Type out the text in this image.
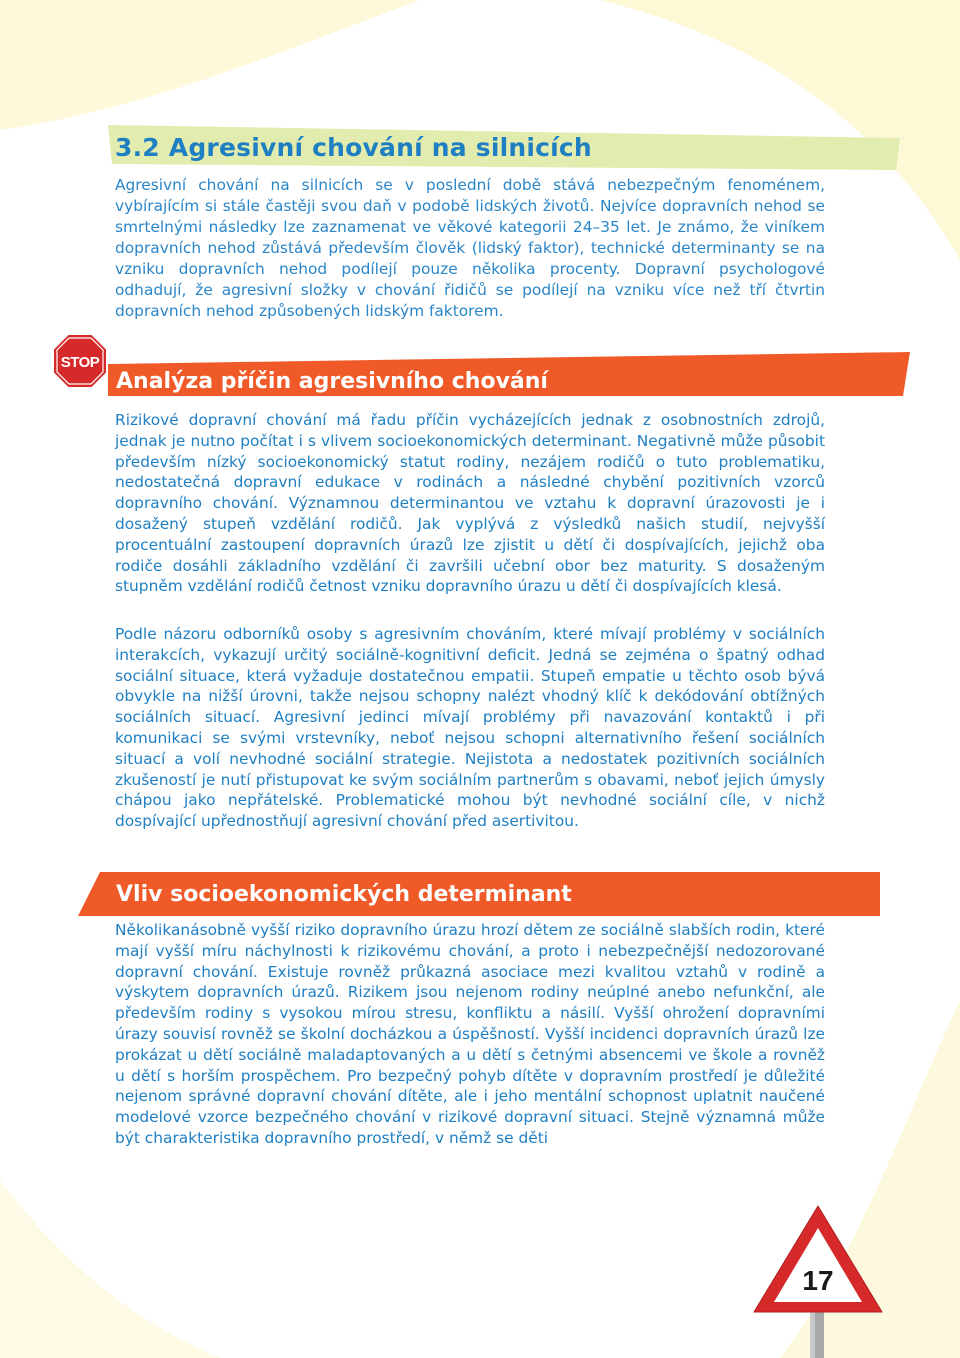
3.2 Agresivní chování na silnicích

Agresivní chování na silnicích se v poslední době stává nebezpečným fenoménem, vybírajícím si stále častěji svou daň v podobě lidských životů. Nejvíce dopravních nehod se smrtelnými následky lze zaznamenat ve věkové kategorii 24–35 let. Je známo, že viníkem dopravních nehod zůstává především člověk (lidský faktor), technické determinanty se na vzniku dopravních nehod podílejí pouze několika procenty. Dopravní psychologové odhadují, že agresivní složky v chování řidičů se podílejí na vzniku více než tří čtvrtin dopravních nehod způsobených lidským faktorem.

STOP
Analýza příčin agresivního chování

Rizikové dopravní chování má řadu příčin vycházejících jednak z osobnostních zdrojů, jednak je nutno počítat i s vlivem socioekonomických determinant. Negativně může působit především nízký socioekonomický statut rodiny, nezájem rodičů o tuto problematiku, nedostatečná dopravní edukace v rodinách a následné chybění pozitivních vzorců dopravního chování. Významnou determinantou ve vztahu k dopravní úrazovosti je i dosažený stupeň vzdělání rodičů. Jak vyplývá z výsledků našich studií, nejvyšší procentuální zastoupení dopravních úrazů lze zjistit u dětí či dospívajících, jejichž oba rodiče dosáhli základního vzdělání či završili učební obor bez maturity. S dosaženým stupněm vzdělání rodičů četnost vzniku dopravního úrazu u dětí či dospívajících klesá.

Podle názoru odborníků osoby s agresivním chováním, které mívají problémy v sociálních interakcích, vykazují určitý sociálně-kognitivní deficit. Jedná se zejména o špatný odhad sociální situace, která vyžaduje dostatečnou empatii. Stupeň empatie u těchto osob bývá obvykle na nižší úrovni, takže nejsou schopny nalézt vhodný klíč k dekódování obtížných sociálních situací. Agresivní jedinci mívají problémy při navazování kontaktů i při komunikaci se svými vrstevníky, neboť nejsou schopni alternativního řešení sociálních situací a volí nevhodné sociální strategie. Nejistota a nedostatek pozitivních sociálních zkušeností je nutí přistupovat ke svým sociálním partnerům s obavami, neboť jejich úmysly chápou jako nepřátelské. Problematické mohou být nevhodné sociální cíle, v nichž dospívající upřednostňují agresivní chování před asertivitou.

Vliv socioekonomických determinant

Několikanásobně vyšší riziko dopravního úrazu hrozí dětem ze sociálně slabších rodin, které mají vyšší míru náchylnosti k rizikovému chování, a proto i nebezpečnější nedozorované dopravní chování. Existuje rovněž průkazná asociace mezi kvalitou vztahů v rodině a výskytem dopravních úrazů. Rizikem jsou nejenom rodiny neúplné anebo nefunkční, ale především rodiny s vysokou mírou stresu, konfliktu a násilí. Vyšší ohrožení dopravními úrazy souvisí rovněž se školní docházkou a úspěšností. Vyšší incidenci dopravních úrazů lze prokázat u dětí sociálně maladaptovaných a u dětí s četnými absencemi ve škole a rovněž u dětí s horším prospěchem. Pro bezpečný pohyb dítěte v dopravním prostředí je důležité nejenom správné dopravní chování dítěte, ale i jeho mentální schopnost uplatnit naučené modelové vzorce bezpečného chování v rizikové dopravní situaci. Stejně významná může být charakteristika dopravního prostředí, v němž se děti

17
